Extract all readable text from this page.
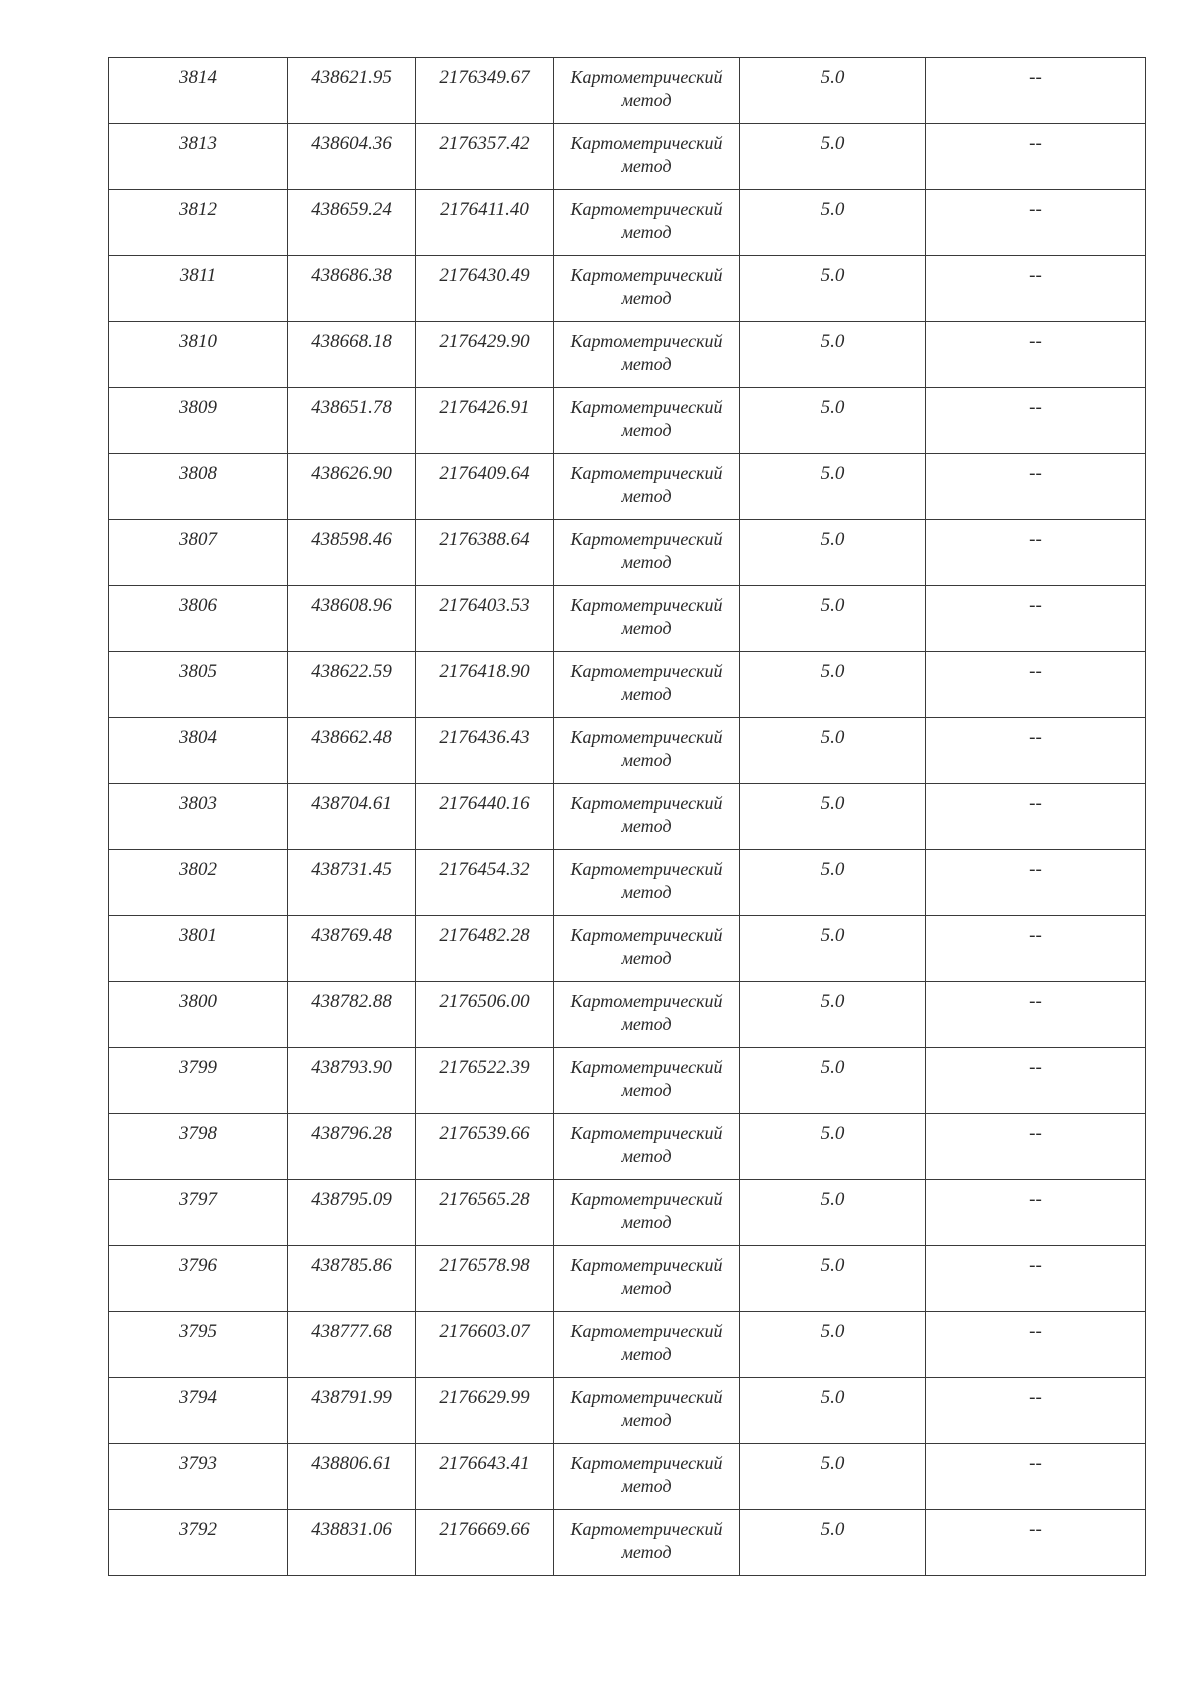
3814	438621.95	2176349.67	Картометрический метод	5.0	--
3813	438604.36	2176357.42	Картометрический метод	5.0	--
3812	438659.24	2176411.40	Картометрический метод	5.0	--
3811	438686.38	2176430.49	Картометрический метод	5.0	--
3810	438668.18	2176429.90	Картометрический метод	5.0	--
3809	438651.78	2176426.91	Картометрический метод	5.0	--
3808	438626.90	2176409.64	Картометрический метод	5.0	--
3807	438598.46	2176388.64	Картометрический метод	5.0	--
3806	438608.96	2176403.53	Картометрический метод	5.0	--
3805	438622.59	2176418.90	Картометрический метод	5.0	--
3804	438662.48	2176436.43	Картометрический метод	5.0	--
3803	438704.61	2176440.16	Картометрический метод	5.0	--
3802	438731.45	2176454.32	Картометрический метод	5.0	--
3801	438769.48	2176482.28	Картометрический метод	5.0	--
3800	438782.88	2176506.00	Картометрический метод	5.0	--
3799	438793.90	2176522.39	Картометрический метод	5.0	--
3798	438796.28	2176539.66	Картометрический метод	5.0	--
3797	438795.09	2176565.28	Картометрический метод	5.0	--
3796	438785.86	2176578.98	Картометрический метод	5.0	--
3795	438777.68	2176603.07	Картометрический метод	5.0	--
3794	438791.99	2176629.99	Картометрический метод	5.0	--
3793	438806.61	2176643.41	Картометрический метод	5.0	--
3792	438831.06	2176669.66	Картометрический метод	5.0	--
